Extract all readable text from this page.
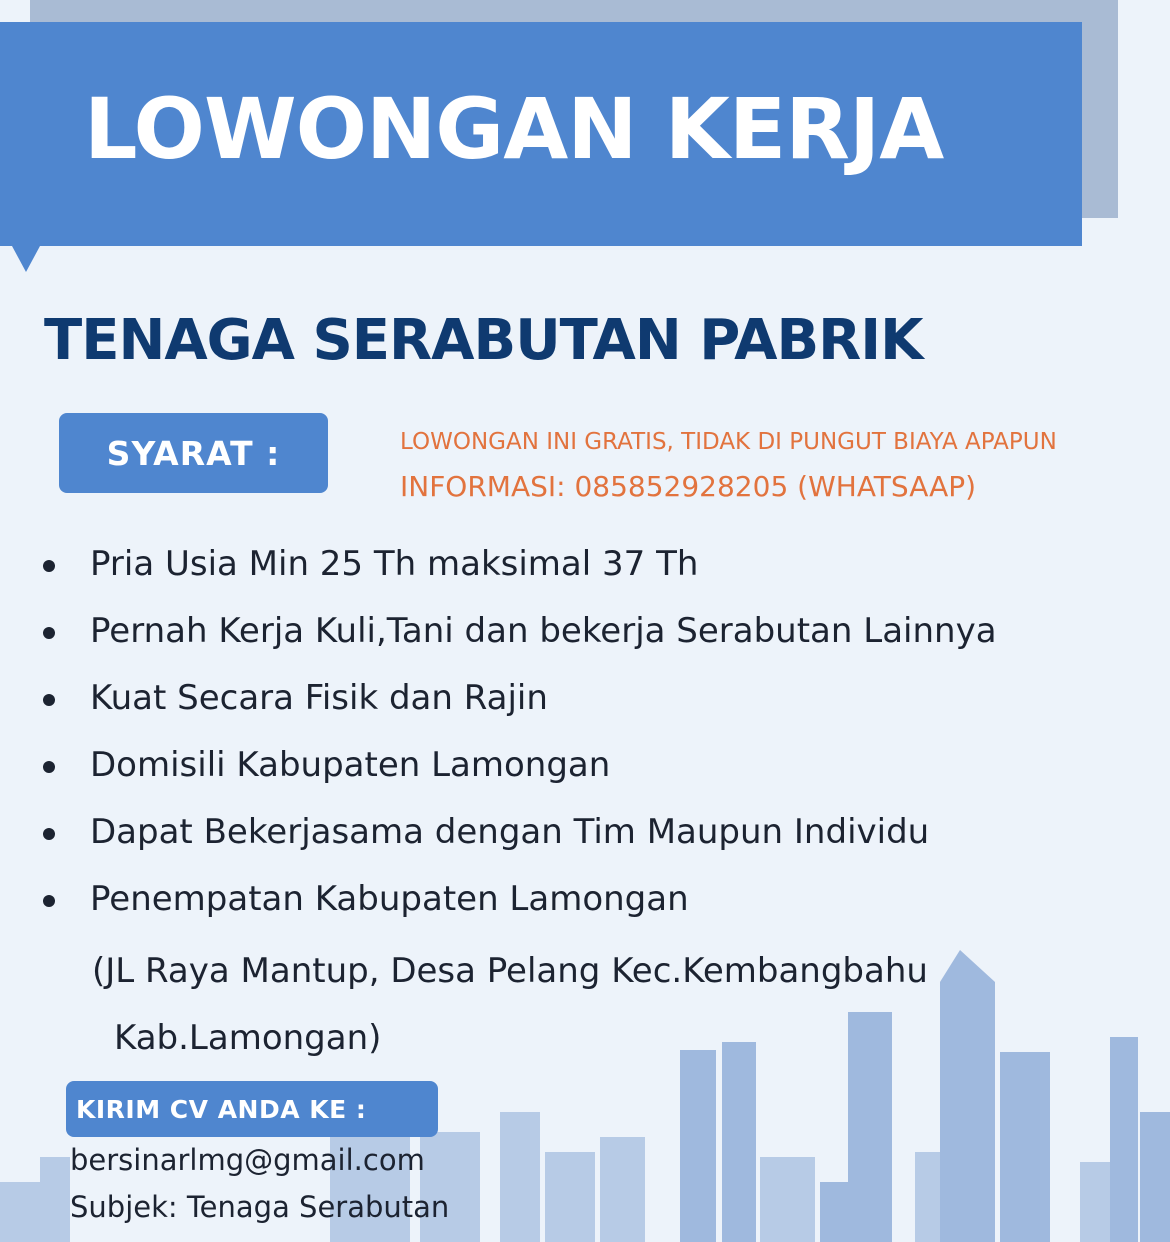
LOWONGAN KERJA
TENAGA SERABUTAN PABRIK
SYARAT :	LOWONGAN INI GRATIS, TIDAK DI PUNGUT BIAYA APAPUN
INFORMASI: 085852928205 (WHATSAAP)
Pria Usia Min 25 Th maksimal 37 Th
Pernah Kerja Kuli,Tani dan bekerja Serabutan Lainnya
Kuat Secara Fisik dan Rajin
Domisili Kabupaten Lamongan
Dapat Bekerjasama dengan Tim Maupun Individu
Penempatan Kabupaten Lamongan
(JL Raya Mantup, Desa Pelang Kec.Kembangbahu
Kab.Lamongan)
KIRIM CV ANDA KE :
bersinarlmg@gmail.com
Subjek: Tenaga Serabutan
